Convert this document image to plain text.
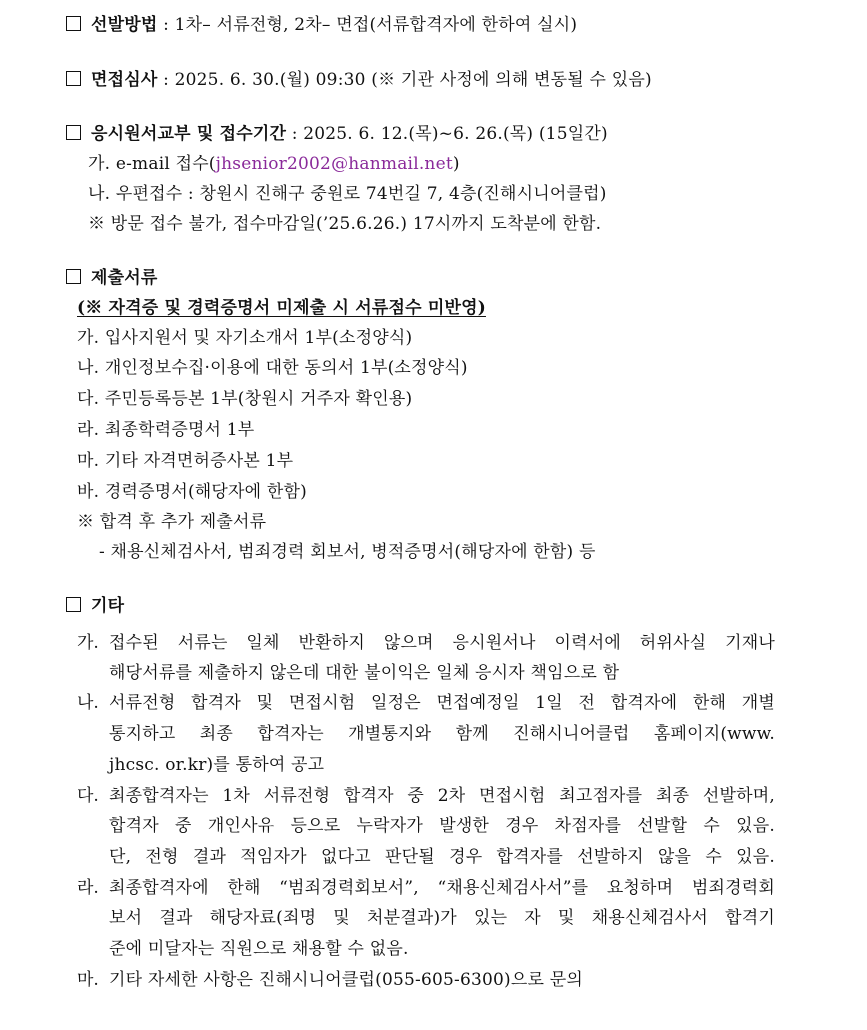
선발방법 : 1차– 서류전형, 2차– 면접(서류합격자에 한하여 실시)
면접심사 : 2025. 6. 30.(월) 09:30 (※ 기관 사정에 의해 변동될 수 있음)
응시원서교부 및 접수기간 : 2025. 6. 12.(목)~6. 26.(목) (15일간)
가. e-mail 접수(jhsenior2002@hanmail.net)
나. 우편접수 : 창원시 진해구 중원로 74번길 7, 4층(진해시니어클럽)
※ 방문 접수 불가, 접수마감일(’25.6.26.) 17시까지 도착분에 한함.
제출서류
(※ 자격증 및 경력증명서 미제출 시 서류점수 미반영)
가. 입사지원서 및 자기소개서 1부(소정양식)
나. 개인정보수집·이용에 대한 동의서 1부(소정양식)
다. 주민등록등본 1부(창원시 거주자 확인용)
라. 최종학력증명서 1부
마. 기타 자격면허증사본 1부
바. 경력증명서(해당자에 한함)
※ 합격 후 추가 제출서류
- 채용신체검사서, 범죄경력 회보서, 병적증명서(해당자에 한함) 등
기타
가. 접수된 서류는 일체 반환하지 않으며 응시원서나 이력서에 허위사실 기재나
해당서류를 제출하지 않은데 대한 불이익은 일체 응시자 책임으로 함
나. 서류전형 합격자 및 면접시험 일정은 면접예정일 1일 전 합격자에 한해 개별
통지하고 최종 합격자는 개별통지와 함께 진해시니어클럽 홈페이지(www.
jhcsc. or.kr)를 통하여 공고
다. 최종합격자는 1차 서류전형 합격자 중 2차 면접시험 최고점자를 최종 선발하며,
합격자 중 개인사유 등으로 누락자가 발생한 경우 차점자를 선발할 수 있음.
단, 전형 결과 적임자가 없다고 판단될 경우 합격자를 선발하지 않을 수 있음.
라. 최종합격자에 한해 “범죄경력회보서”, “채용신체검사서”를 요청하며 범죄경력회
보서 결과 해당자료(죄명 및 처분결과)가 있는 자 및 채용신체검사서 합격기
준에 미달자는 직원으로 채용할 수 없음.
마. 기타 자세한 사항은 진해시니어클럽(055-605-6300)으로 문의
